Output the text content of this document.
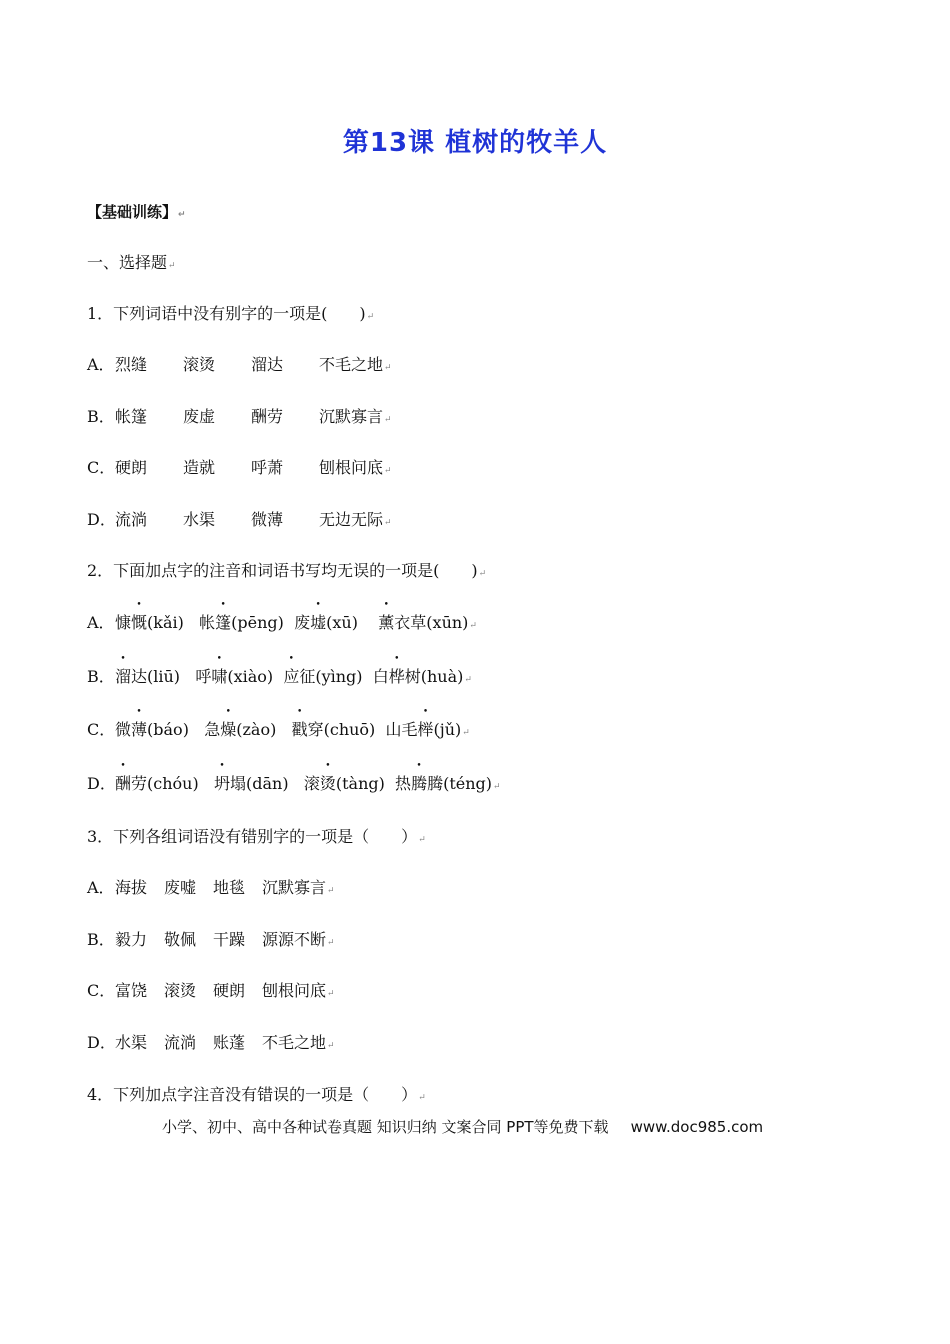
第13课 植树的牧羊人
【基础训练】↵
一、选择题↵
1．下列词语中没有别字的一项是(　　)↵
A．烈缝 滚烫 溜达 不毛之地↵
B．帐篷 废虚 酬劳 沉默寡言↵
C．硬朗 造就 呼萧 刨根问底↵
D．流淌 水渠 微薄 无边无际↵
2．下面加点字的注音和词语书写均无误的一项是(　　)↵
A．慷慨(kǎi) 帐篷(pēng) 废墟(xū) 薰衣草(xūn)↵
B．溜达(liū) 呼啸(xiào) 应征(yìng) 白桦树(huà)↵
C．微薄(báo) 急燥(zào) 戳穿(chuō) 山毛榉(jǔ)↵
D．酬劳(chóu) 坍塌(dān) 滚烫(tàng) 热腾腾(téng)↵
3．下列各组词语没有错别字的一项是（　　）↵
A．海拔 废嘘 地毯 沉默寡言↵
B．毅力 敬佩 干躁 源源不断↵
C．富饶 滚烫 硬朗 刨根问底↵
D．水渠 流淌 账蓬 不毛之地↵
4．下列加点字注音没有错误的一项是（　　）↵
小学、初中、高中各种试卷真题 知识归纳 文案合同 PPT等免费下载 www.doc985.com
